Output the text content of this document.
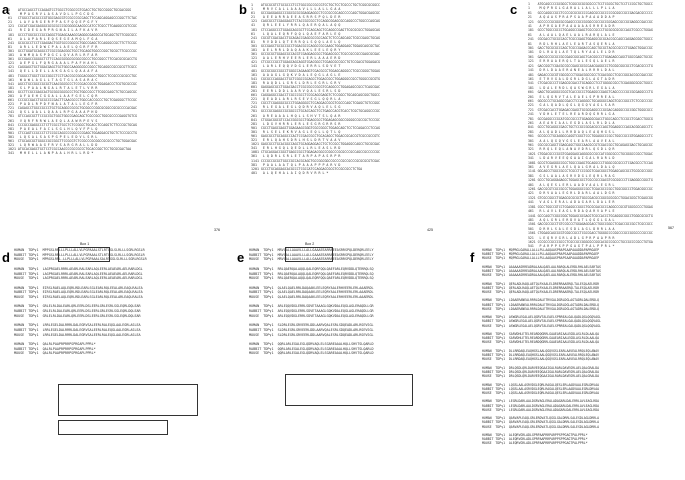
a
1    ATGCCAGCCTCCAGAGTCCTGGCCTCGGCCGTCGACCTGCTGCCGGGCTGCGACGGG
1     M P A S R V L A S A V D L L P G C D G
61   CTGGCCTACGCCCGTGGCGAGCGTCCGCCCGCCAGCTTCCAGCAGGAGCCCGGCTTCTAC
21    L A Y A R G E R P P A S F Q Q E P G F Y
121  CGCATCGACGAGGGCGCGCGCCCGCGGGGCAACGCCATCCTCGCCTTCAAGGCCGTCCGC
41    R I D E G A R P R G N A I L A F K A V R
181  GCCCTGGCGCCCGCCAGGCTGGAGCAAAGCGAGGGCGAGGCCATGCAGCTGTTCGGCGCC
61    A L A P A R L E Q S E G E A M Q L F G A
241  GCGCGCCTCCTCGAGGACTGGTGCCCGGCGCTGGCCGAGCTCCAGGGCCGCTTCTTCCGC
81    A R L L E D W C P A L A E L Q G R F F R
301  GCCTGGATGCAGGCCTCGCCGGACGGCTGCCTGCAGGTGGCCCGGCTGCGCTTCGCCCGC
101   A W M Q A S P D G C L Q V A R L R F A R
361  GCCGAGCCGGGGCTCTTCCAGCGCGGCGCGGCCGCCCTGCCGGCCTTCCACGCGCACCTG
121   A E P G L F Q R G A A A L P A F H A H L
421  CAGGAGCTGCTGGACGAGCTGCTGGCCAAGGGCGCCGGCCTGCAGGCCGCCGCGTTCGCC
141   Q E L L D E L L A K G A G L Q A A A F A
481  TGGGCCTGGCTCGCCGGCCTCCTCACCGCCGGCACGGGCCTGGCCTCCGCCCGCGCCTGC
161   W A W L A G L L T A G T G L A S A R A C
541  AGCCTGCCGGCCGCGCTCAACGGCGCCCTCCGCACCGCGCTGGAGACCCTCGTGCGCCGC
181   S L P A A L N G A L R T A L E T L V R R
601  GCCTTCGCCGAGCACTGCGGCGGCGCCCTGCTGGCCGCCTTCGGCGAGCTCTGCCAGCGC
201   A F A E H C G G A L L A A F G E L C Q R
661  CCCGCCGACCTGCGCCCCGACTTCAACGCCCTGGCCACCGCCCTGCTCGAGGGCTTCCGC
221   P A D L R P D F N A L A T A L L E G F R
721  CAGAGCCTGGCCGCCCTGCTGCAGGCCGCGCTGCGGCCCGGCGCGGCCGCGCCCCACGAC
241   Q S L A A L L Q A A L R P G A A A P H D
781  GTCCAGCGCTTCCGCCGCTGGCTGGCCGAGCAGCTCGCCGCCTGGCGCCCCGAGGTGTCG
261   V Q R F R R W L A E Q L A A W R P E V S
841  CCCGCCGAGGCCCTCTTCGCCTGCCTCTCCGGCCTGCACCTCCAGGTCTTCCCGCTGCAG
281   P A E A L F A C L S G L H L Q V F P L Q
901  CTCCAGTCCGCCCTCTCCGCCAGCCCCGGCCCCGAGCTGGAGGACGTGCTCTCCCGCCTG
301   L Q S A L S A S P G P E L E D V L S R L
961  CTGCAGCGCTGGGCCGCCGGCTTCCGCGTCTCCGCCCGCGGCCGCGCCCTGCTGGACGAC
321   L Q R W A A G F R V S A R G R A L L D D
1021 ATGCACGAGCTGCTCCTCGCCAACCCCGCCGCCCTGCACCGGCTCCTGCGCGACTAA
341   M H E L L L A N P A A L H R L L R D *
376
b 1    ATGCGCGTCTGCGCCCTCCTGGCCGCCGCCGTCCTGCTCCTCGCCCTGCTCGGCGCGGCC
1     M R V C A L L A A A V L L L A L L G A A
61   GCCGAGGAGGCCCGGCGCGCGGAGGAGGCCTCCCGCCGCAGCCCCCAGCTGGACGAGCGC
21    A E E A R R A E E A S R R S P Q L D E R
121  CAGCGCCTCGAGGAGCTCTACCGCCGCCTCCAGGCGGAGCGCCAGGCCCTGGCCCAGCAG
41    Q R L E E L Y R R L Q A E R Q A L A Q Q
181  CTCCAGGCCCTGGAGCAGCGCTTCCAGCAGCTCCAGGCCGAGTTCGCGCGCCTGGAGCAG
61    L Q A L E Q R F Q Q L Q A E F A R L E Q
241  CGCGTCGACGACCTGCAGACCGAGCGCCGCCAGCTCTCCCAGCAGCTCGCCGAGCTGCAG
81    R V D D L Q T E R R Q L S Q Q L A E L Q
301  GCCGAGCTGCGCCGCCTGGACGCCCAGGCCGCCAAGCTGGAGGAGCTGGAGCAGCGCTAC
101   A E L R R L D A Q A A K L E E L E Q R Y
361  GCCGCGCTGGAGCGCCACGTCGAGGAGCGCCTGGAGCGCCTCGCCGCCGCCGAGCGCGAC
121   A A L E R H V E E R L E R L A A A E R D
421  CTCGCCCGCCTGGAGCAGCAGGTCGACGGCCTCGAGCGCCGCCTGTCCGACGTGGAGACG
141   L A R L E Q Q V D G L E R R L S D V E T
481  GCCGCGGCCGGCCTGGGCCAGAAGGTCGACGCCCTGGAGCAGGGCCTCGCCGGGCTGGAG
161   A A A G L G Q K V D A L E Q G L A G L E
541  CGCGCCCAGGACCTGCTCGGCCGCAGCCTGGACCGCCTGGAGGGCCGCCTGGGCCGCGTG
181   R A Q D L L G R S L D R L E G R L G R V
601  GAGGAGCGCCTGGACGACCTCGCCGCCCGCGTCCAGGCCCTGGAGAGCCGCCTCAGCGAC
201   E E R L D D L A A R V Q A L E S R L S D
661  CAGGAGGCCGACCTCGCCCGCCTCCGCAGCGAGGTCTCCGGCCTGCAGCAGCGGCTGGCC
221   Q E A D L A R L R S E V S G L Q Q R L A
721  CGCCTCGAGGGCGCCCTGGAGGGCCTCCAGGACCGCGTCGCCCAGCTCGAGCTGTCCGGC
241   R L E G A L E G L Q D R V A Q L E L S G
781  GCCCGCGAGGCCGCGGCCCTGCACCAGCTCCTGAGCCACGTCACCTCGCTGCAGGCCCGC
261   A R E A A A L H Q L L S H V T S L Q A R
841  CTGGACGGCGTCCACCGGCGCCTGGAGCGCCTGGAGAGCGGCCGGGGCCGCCGCTCCCGC
281   L D G V H R R L E R L E S G R G R R S R
901  CGCCTGAGCGAGCTGGAGAAGCGGGTCGCCGGCCTGGAGCAGCTCCTCCAGACCCTCCAG
301   R L S E L E K R V A G L E Q L L Q T L Q
961  GAGCGCCTGCAGGCCCACTCCGACCGCCTGCACAGCCTGGACCGCACCGTCGCCGCCGTC
321   E R L Q A H S D R L H S L D R T V A A V
1021 GAGCGCCTGCACGGCCAGCTGCAGGAGGACCTCCTCCGCCTGGAGGCCAGCCTGCGCGAC
341   E R L H G Q L Q E D L L R L E A S L R D
1081 CTGCAGGACCGGCTGAGCCGCCTGGAGACGGCCCGGCCCGCGCCCGCCAGCCGCCCCCGC
361   L Q D R L S R L E T A R P A P A S R P R
1141 CCCGCCGCGCTGGCCGCCACGCAGCTGCCGGCGGCCGCCCCGCCGCCCGCGCGCGTCGAC
381   P A A L A A T Q L P A A A P P P A R V D
1201 GCCCTGCAGGAGCACGCCCTCGCCATCCAGGACCGCGTCCGCCGCCTCTGA
401   A L Q E H A L A I Q D R V R R L *
425
c	1    ATGCAGCCCCGCGGCCTCGGCGCGCGCGCCCTCCTCGCGCTGCTCCTCCCGCTGCTGGCC
1     M Q P R G L G A R A L L A L L L P L L A
61   GCCCAGGCCGCCTCCCCGCGCGCCCCCAGCGCCGCCCCCGCGGCCGCCGACGACGCCCCC
21    A Q A A S P R A P S A A P A A A D D A P
121  GCCCCCCGCGGCGCCGAGCCCGCCGCGGCCGCCGCCGCGAGCCGCCGCGAGGCCGACCGC
41    A P R G A E P A A A A A A S R R E A D R
181  GCCCTGGCCGCCCTGCAGGCCGAGCTCGCCGCCCTGCGCGCGCGCCAGCTCGCCCTGGAG
61    A L A A L Q A E L A A L R A R Q L A L E
241  CGCGACCTGCGCCACCTCGCCGAGCTGGAGGCGCGCACCGCCAGCCAGGAGCGGCTGGCC
81    R D L R H L A E L E A R T A S Q E R L A
301  GACCTGCGCGCCCAGCTCGCCGAGACCCAGCTGCGCTACGCCGCCCTGGAGCTGGACCGC
101   D L R A Q L A E T Q L R Y A A L E L D R
361  GAGCGCCGCGCCGCCGAGCGGCAGCTCACGGCCCTGGAGAGCCAGCTGGCCGAGCTGCGC
121   E R R A A E R Q L T A L E S Q L A E L R
421  GACCGGCTCGACGCCGCCGAGCGCGCCAACGAGGCCCTGCGGCGGCGCCTCGACGCCCTG
141   D R L D A A E R A N E A L R R R L D A L
481  GAGACCCGCGTCGGCGCCCTGGACGGCCGCCTCGACGGCCTCGCCGGCACCGCCGACCGC
161   E T R V G A L D G R L D G L A G T A D R
541  CTCGACGCCCTCGAGCGCGACCTGCAGGCCTCCTGGGGCCGCCTCGAGGGCGCGCTGGCC
181   L D A L E R D L Q A S W G R L E G A L A
601  GAGCTGCAGGGCCGCGTCACCGCCCTGGAGGCCGAGCTCAGCCCCCGCCGCGAGGCCCTG
201   E L Q G R V T A L E A E L S P R R E A L
661  GGCGCCCTGCAGGCCGACCTCCAGGGCCTGCAGGGCCAGGTCGCCGGCCTCTCCGCCCGC
221   G A L Q A D L Q G L Q G Q V A G L S A R
721  GTCGACCACCTGGAGACCGAGCTGCGCGAGGCCCGCGACCAGGGCCGCCGGCTGGGCGCC
241   V D H L E T E L R E A R D Q G R R L G A
781  GCCGAGGCCCGCATCGCCGCCCTGGAGGGCGACCTGGCCAGCCTCCGCCTCGACCTGGCG
261   A E A R I A A L E G D L A S L R L D L A
841  GCCCTGCAGGCCGACCTGCTCCGCCGCGACGCCCAGCTGGAGGCCCAGCACGGCAGCCTC
281   A L Q A D L L R R D A Q L E A Q H G S L
901  GCCGCCCTGCAGGGCCAGGTCGGCTCCCTGGAGGCCCGCCTGGCCGCCGTGGAGGCCCTC
301   A A L Q G Q V G S L E A R L A A V E A L
961  CGCCGCCAGCTCGAGCAGCTGGCCAACGCCGTCGACCGCCTGCAGAGCGACCTGCAGCGC
321   R R Q L E Q L A N A V D R L Q S D L Q R
1021 CTGGACGCCCGCGTCGAGGAGCAGGGCGCCGCCATCGGCGCCCTGCGGGCCCGCCTGGAC
341   L D A R V E E Q G A A I G A L R A R L D
1081 GCCGTCGAGGGCCGCCTGGCCGAGCTGCAGGCCCTGGGCCGCGCCCTCGACGCCCTCCAG
361   A V E G R L A E L Q A L G R A L D A L Q
1141 GGCAGCCTGGCCGCCCTCGCCTCCCGCGTCGACGGCCTGGAGCAGCGCCTGCGCGCCGGC
381   G S L A A L A S R V D G L E Q R L R A G
1201 GCCCTGCAGGAGAGCCTGGAGCGCCTCGCCGCCGACGTCGCGGCCCTCGAGGGCCGGCTG
401   A L Q E S L E R L A A D V A A L E G R L
1261 GACCGCGTCGCCGCCCTGGAGGGCCGCCTCGACGCCCGCCTGGCGGCCCTGGACGGCCGC
421   D R V A A L E G R L D A R L A A L D G R
1321 GTCGCCGGCCTGGAGCGCGCGCTGGCCGACGCCGGCGCGCGCCTGGACGCGCTCGAGCGG
441   V A G L E R A L A D A G A R L D A L E R
1381 CGCCTGGCCGTCCTCGAGGCCGGCCTGCGCGACGCCCAGGCCCGCGTGGCGCCCCTGGAG
461   R L A V L E A G L R D A Q A R V A P L E
1441 GCCCAGCTCGGCCGGCTGGAGCGCGACGTCGCCACCCTGCAGGGCGGCCTGGGCGCGCTG
481   A Q L G R L E R D V A T L Q G G L G A L
1501 GACCGCCGCCTGTCCGCCCTGGAGAGCGACCTGGCCGGCCTCGACCGCCGCCTCGCCGCC
501   D R R L S A L E S D L A G L D R R L A A
1561 CTGGAGCAGCGCGTCGGCCGCCTCGCCGACCTGGGGCCCCGGCCCGCCGCGCCCCGCCGC
521   L E Q R V G R L A D L G P R P A A P R R
1621 CCCGCCCGCCCGCCCTCGCCGCCGGGCGCCGGCACGCCCGCCCTGCCGCCCCGCCTGTGA
541   P A R P P S P P G A G T P A L P P R L *
567
d
Box 1
HUMAN  TDPγ1  MPPGSLRRLLLPLLLALLVLPGPAAALSTLRTGGLSLRLLLSGRLRGSLR
RABBIT TDPγ1  MPPGSLRRLLLPLLLALLVLPGPAAALSTLRTGGLSLRLLLSGRLRGSLR
MOUSE  TDPγ1  MPRGSLRRL-LLPLLLALLVLPGPAAALSALRTGGLSLRLLLSGRLRGSLR

HUMAN  TDPγ1  LAGPRGAELRRRLAEARLRALEARLAQLEERLAEAEARLAELRARLDGL
RABBIT TDPγ1  LAGPRGAELRRRLAEARLRALEARLAQLEERLAEAEARLAELRARLDGL
MOUSE  TDPγ1  LAGPRGAELRRRLAEARLRALEARLAQLEERLAEAEARLAELRARLDGL

HUMAN  TDPγ1  EIRSLRAELAQLEQRLRDLEARLSGLEARLRQLEEALARLEAQLRALEA
RABBIT TDPγ1  EIRSLRAELAQLEQRLRDLEARLSGLEARLRQLEEALARLEAQLRALEA
MOUSE  TDPγ1  EIRSLRAELAQLEQRLRDLEARLSGLEARLRQLEEALARLEAQLRALEA

HUMAN  TDPγ1  GRLELRLDALEARLQRLEERLDSLEERLGRLESRLSGLEQRLDQLEAR
RABBIT TDPγ1  GRLELRLDALEARLQRLEERLDSLEERLGRLESRLSGLEQRLDQLEAR
MOUSE  TDPγ1  GRLELRLDALEARLQRLEERLDSLEERLGRLESRLSGLEQRLDQLEAR

HUMAN  TDPγ1  LRRLEGELDALRRRLDALEGRVSALEERLRALEQGLAALEGRLASLEA
RABBIT TDPγ1  LRRLEGELDALRRRLDALEGRVSALEERLRALEQGLAALEGRLASLEA
MOUSE  TDPγ1  LRRLEGELDALRRRLDALEGRVSALEERLRALEQGLAALEGRLASLEA

HUMAN  TDPγ1  QALRLPAAPRPRRPSPRGAPLPPRL*
RABBIT TDPγ1  QALRLPAAPRPRRPSPRGAPLPPRL*
MOUSE  TDPγ1  QALRLPAAPRPRRPSPRGAPLPPRL*
e
Box 2
HUMAN  TDPγ1  MRVCALLAAAVLLLALLGAAAEEARRAEEASRRSPQLDERQRLEELY
RABBIT TDPγ1  MRVCALLAAAVLLLALLGAAAEEARRAEEASRRSPQLDERQRLEELY
MOUSE  TDPγ1  MRVCALLAAAVLLLALLGAAAEEARRAEEASRRSPQLDERQRLEELY

HUMAN  TDPγ1  RRLQAERQALAQQLQALEQRFQQLQAEFARLEQRVDDLQTERRQLSQ
RABBIT TDPγ1  RRLQAERQALAQQLQALEQRFQQLQAEFARLEQRVDDLQTERRQLSQ
MOUSE  TDPγ1  RRLQAERQALAQQLQALEQRFQQLQAEFARLEQRVDDLQTERRQLSQ

HUMAN  TDPγ1  QLAELQAELRRLDAQAAKLEELEQRYAALERHVEERLERLAAAERDL
RABBIT TDPγ1  QLAELQAELRRLDAQAAKLEELEQRYAALERHVEERLERLAAAERDL
MOUSE  TDPγ1  QLAELQAELRRLDAQAAKLEELEQRYAALERHVEERLERLAAAERDL

HUMAN  TDPγ1  ARLEQQVDGLERRLSDVETAAAGLGQKVDALEQGLAGLERAQDLLGR
RABBIT TDPγ1  ARLEQQVDGLERRLSDVETAAAGLGQKVDALEQGLAGLERAQDLLGR
MOUSE  TDPγ1  ARLEQQVDGLERRLSDVETAAAGLGQKVDALEQGLAGLERAQDLLGR

HUMAN  TDPγ1  SLDRLEGRLGRVEERLDDLAARVQALESRLSDQEADLARLRSEVSGL
RABBIT TDPγ1  SLDRLEGRLGRVEERLDDLAARVQALESRLSDQEADLARLRSEVSGL
MOUSE  TDPγ1  SLDRLEGRLGRVEERLDDLAARVQALESRLSDQEADLARLRSEVSGL

HUMAN  TDPγ1  QQRLARLEGALEGLQDRVAQLELSGAREAAALHQLLSHVTSLQARLD
RABBIT TDPγ1  QQRLARLEGALEGLQDRVAQLELSGAREAAALHQLLSHVTSLQARLD
MOUSE  TDPγ1  QQRLARLEGALEGLQDRVAQLELSGAREAAALHQLLSHVTSLQARLD
f HUMAN  TDPγ1  MQPRGLGARALLALLLPLLAAQAASPRAPSAAPAAADDAPAPRGAEP
RABBIT TDPγ1  MQPRGLGARALLALLLPLLAAQAASPRAPSAAPAAADDAPAPRGAEP
MOUSE  TDPγ1  MQPRGLGARALLALLLPLLAAQAASPRAPSAAPAAADDAPAPRGAEP

HUMAN  TDPγ1  AAAAAASRREADRALAALQAELAALRARQLALERDLRHLAELEARTAS
RABBIT TDPγ1  AAAAAASRREADRALAALQAELAALRARQLALERDLRHLAELEARTAS
MOUSE  TDPγ1  AAAAAASRREADRALAALQAELAALRARQLALERDLRHLAELEARTAS

HUMAN  TDPγ1  QERLADLRAQLAETQLRYAALELDRERRAAERQLTALESQLAELRDR
RABBIT TDPγ1  QERLADLRAQLAETQLRYAALELDRERRAAERQLTALESQLAELRDR
MOUSE  TDPγ1  QERLADLRAQLAETQLRYAALELDRERRAAERQLTALESQLAELRDR

HUMAN  TDPγ1  LDAAERANEALRRRLDALETRVGALDGRLDGLAGTADRLDALERDLQ
RABBIT TDPγ1  LDAAERANEALRRRLDALETRVGALDGRLDGLAGTADRLDALERDLQ
MOUSE  TDPγ1  LDAAERANEALRRRLDALETRVGALDGRLDGLAGTADRLDALERDLQ

HUMAN  TDPγ1  ASWGRLEGALAELQGRVTALEAELSPRREALGALQADLQGLQGQVAGL
RABBIT TDPγ1  ASWGRLEGALAELQGRVTALEAELSPRREALGALQADLQGLQGQVAGL
MOUSE  TDPγ1  ASWGRLEGALAELQGRVTALEAELSPRREALGALQADLQGLQGQVAGL

HUMAN  TDPγ1  SARVDHLETELREARDQGRRLGAAEARIAALEGDLASLRLDLAALQA
RABBIT TDPγ1  SARVDHLETELREARDQGRRLGAAEARIAALEGDLASLRLDLAALQA
MOUSE  TDPγ1  SARVDHLETELREARDQGRRLGAAEARIAALEGDLASLRLDLAALQA

HUMAN  TDPγ1  DLLRRDAQLEAQHGSLAALQGQVGSLEARLAAVEALRRQLEQLANAV
RABBIT TDPγ1  DLLRRDAQLEAQHGSLAALQGQVGSLEARLAAVEALRRQLEQLANAV
MOUSE  TDPγ1  DLLRRDAQLEAQHGSLAALQGQVGSLEARLAAVEALRRQLEQLANAV

HUMAN  TDPγ1  DRLQSDLQRLDARVEEQGAAIGALRARLDAVEGRLAELQALGRALDA
RABBIT TDPγ1  DRLQSDLQRLDARVEEQGAAIGALRARLDAVEGRLAELQALGRALDA
MOUSE  TDPγ1  DRLQSDLQRLDARVEEQGAAIGALRARLDAVEGRLAELQALGRALDA

HUMAN  TDPγ1  LQGSLAALASRVDGLEQRLRAGALQESLERLAADVAALEGRLDRVAA
RABBIT TDPγ1  LQGSLAALASRVDGLEQRLRAGALQESLERLAADVAALEGRLDRVAA
MOUSE  TDPγ1  LQGSLAALASRVDGLEQRLRAGALQESLERLAADVAALEGRLDRVAA

HUMAN  TDPγ1  LEGRLDARLAALDGRVAGLERALADAGARLDALERRLAVLEAGLRDA
RABBIT TDPγ1  LEGRLDARLAALDGRVAGLERALADAGARLDALERRLAVLEAGLRDA
MOUSE  TDPγ1  LEGRLDARLAALDGRVAGLERALADAGARLDALERRLAVLEAGLRDA

HUMAN  TDPγ1  QARVAPLEAQLGRLERDVATLQGGLGALDRRLSALESDLAGLDRRLA
RABBIT TDPγ1  QARVAPLEAQLGRLERDVATLQGGLGALDRRLSALESDLAGLDRRLA
MOUSE  TDPγ1  QARVAPLEAQLGRLERDVATLQGGLGALDRRLSALESDLAGLDRRLA

HUMAN  TDPγ1  ALEQRVGRLADLGPRPAAPRRPARPPSPPGAGTPALPPRL*
RABBIT TDPγ1  ALEQRVGRLADLGPRPAAPRRPARPPSPPGAGTPALPPRL*
MOUSE  TDPγ1  ALEQRVGRLADLGPRPAAPRRPARPPSPPGAGTPALPPRL*
